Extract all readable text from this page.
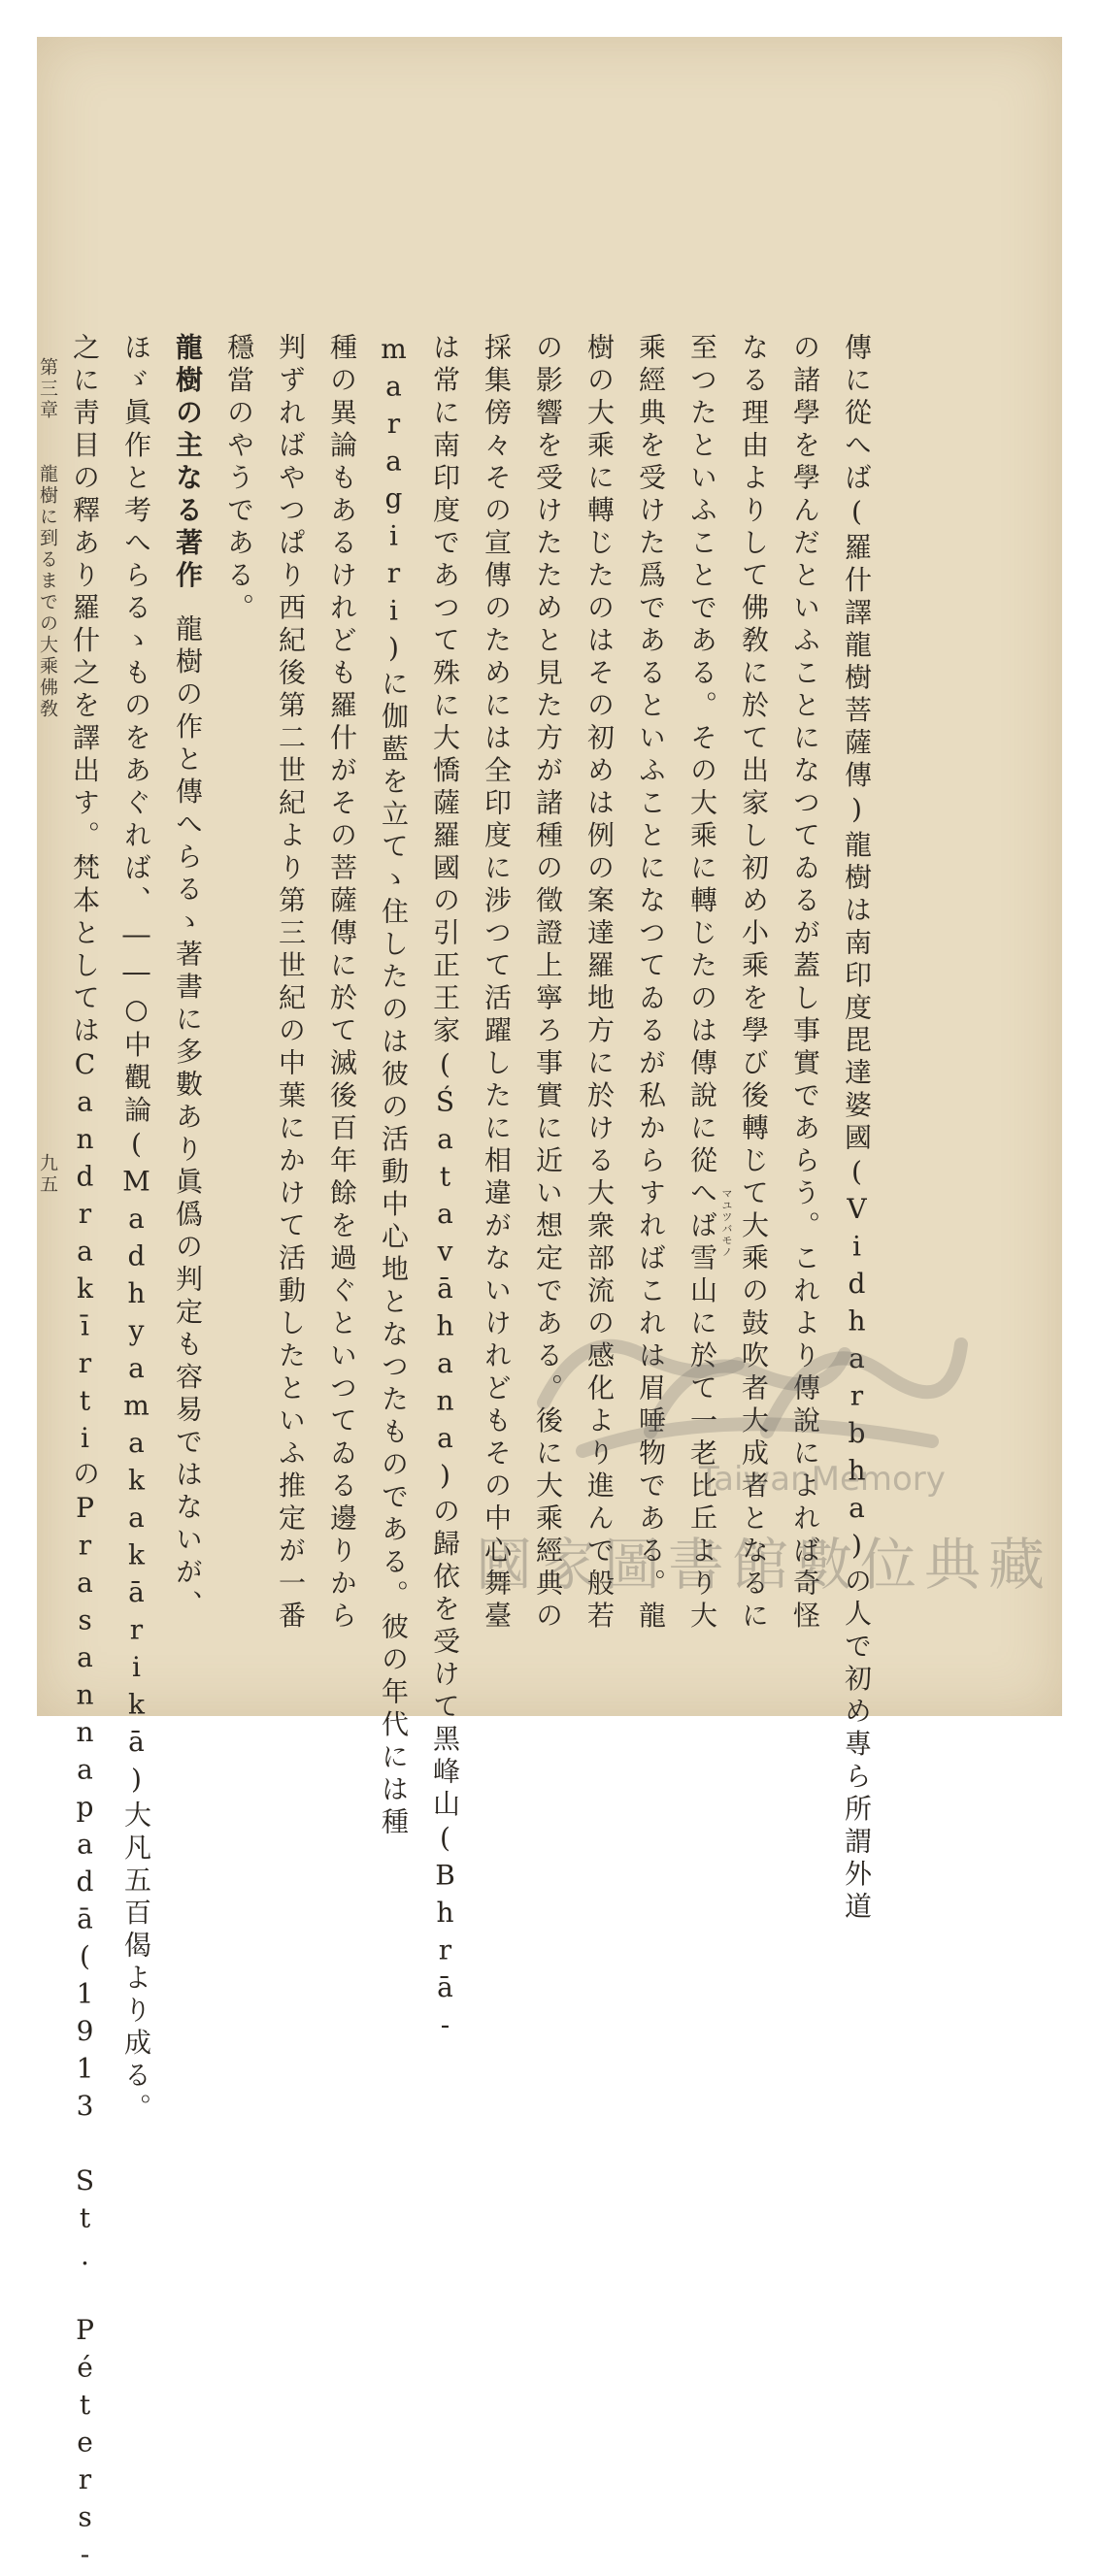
傳に從へば(羅什譯龍樹菩薩傳)龍樹は南印度毘達婆國(Vidharbha)の人で初め專ら所謂外道
の諸學を學んだといふことになつてゐるが蓋し事實であらう。これより傳說によれば奇怪
なる理由よりして佛敎に於て出家し初め小乘を學び後轉じて大乘の鼓吹者大成者となるに
至つたといふことである。その大乘に轉じたのは傳說に從へば雪山に於て一老比丘より大
乘經典を受けた爲であるといふことになつてゐるが私からすればこれは眉唾物である。龍
樹の大乘に轉じたのはその初めは例の案達羅地方に於ける大衆部流の感化より進んで般若
の影響を受けたためと見た方が諸種の徵證上寧ろ事實に近い想定である。後に大乘經典の
採集傍々その宣傳のためには全印度に涉つて活躍したに相違がないけれどもその中心舞臺
は常に南印度であつて殊に大憍薩羅國の引正王家(Śatavāhana)の歸依を受けて黑峰山(Bhrā-
maragiri)に伽藍を立てゝ住したのは彼の活動中心地となつたものである。彼の年代には種
種の異論もあるけれども羅什がその菩薩傳に於て滅後百年餘を過ぐといつてゐる邊りから
判ずればやつぱり西紀後第二世紀より第三世紀の中葉にかけて活動したといふ推定が一番
穩當のやうである。
龍樹の主なる著作龍樹の作と傳へらるゝ著書に多數あり眞僞の判定も容易ではないが、
ほゞ眞作と考へらるゝものをあぐれば、――○中觀論(Madhyamakakārikā)大凡五百偈より成る。
之に靑目の釋あり羅什之を譯出す。梵本としてはCandrakīrtiのPrasannapadā(1913 St. Péters-	マユツバモノ
第三章
龍樹に到るまでの大乘佛敎
九五
TaiwanMemory
國家圖書館數位典藏
